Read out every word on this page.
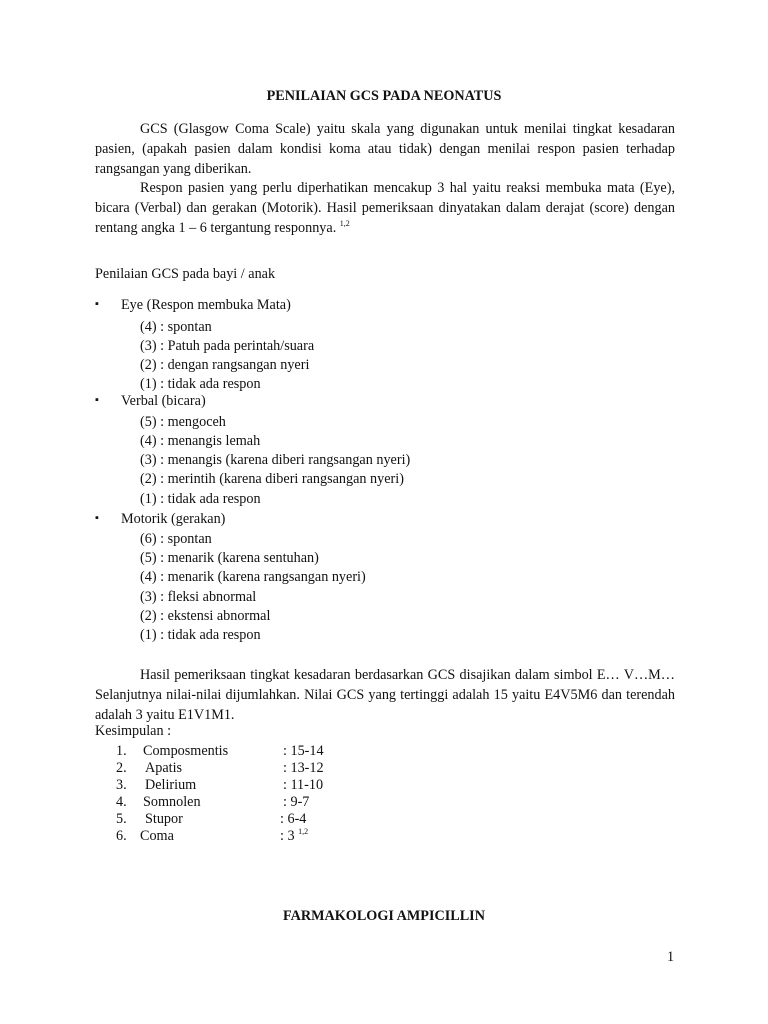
PENILAIAN GCS PADA NEONATUS
GCS (Glasgow Coma Scale) yaitu skala yang digunakan untuk menilai tingkat kesadaran pasien, (apakah pasien dalam kondisi koma atau tidak) dengan menilai respon pasien terhadap rangsangan yang diberikan.
Respon pasien yang perlu diperhatikan mencakup 3 hal yaitu reaksi membuka mata (Eye), bicara (Verbal) dan gerakan (Motorik). Hasil pemeriksaan dinyatakan dalam derajat (score) dengan rentang angka 1 – 6 tergantung responnya. $^{1,2}$
Penilaian GCS pada bayi / anak
Eye (Respon membuka Mata)
(4) : spontan
(3) : Patuh pada perintah/suara
(2) : dengan rangsangan nyeri
(1) : tidak ada respon
Verbal (bicara)
(5) : mengoceh
(4) : menangis lemah
(3) : menangis (karena diberi rangsangan nyeri)
(2) : merintih (karena diberi rangsangan nyeri)
(1) : tidak ada respon
Motorik (gerakan)
(6) : spontan
(5) : menarik (karena sentuhan)
(4) : menarik (karena rangsangan nyeri)
(3) : fleksi abnormal
(2) : ekstensi abnormal
(1) : tidak ada respon
Hasil pemeriksaan tingkat kesadaran berdasarkan GCS disajikan dalam simbol E… V…M… Selanjutnya nilai-nilai dijumlahkan. Nilai GCS yang tertinggi adalah 15 yaitu E4V5M6 dan terendah adalah 3 yaitu E1V1M1.
Kesimpulan :
1. Composmentis	: 15-14
2. Apatis	: 13-12
3. Delirium	: 11-10
4. Somnolen	: 9-7
5. Stupor	: 6-4
6. Coma	: 3 $^{1,2}$
FARMAKOLOGI AMPICILLIN
1
